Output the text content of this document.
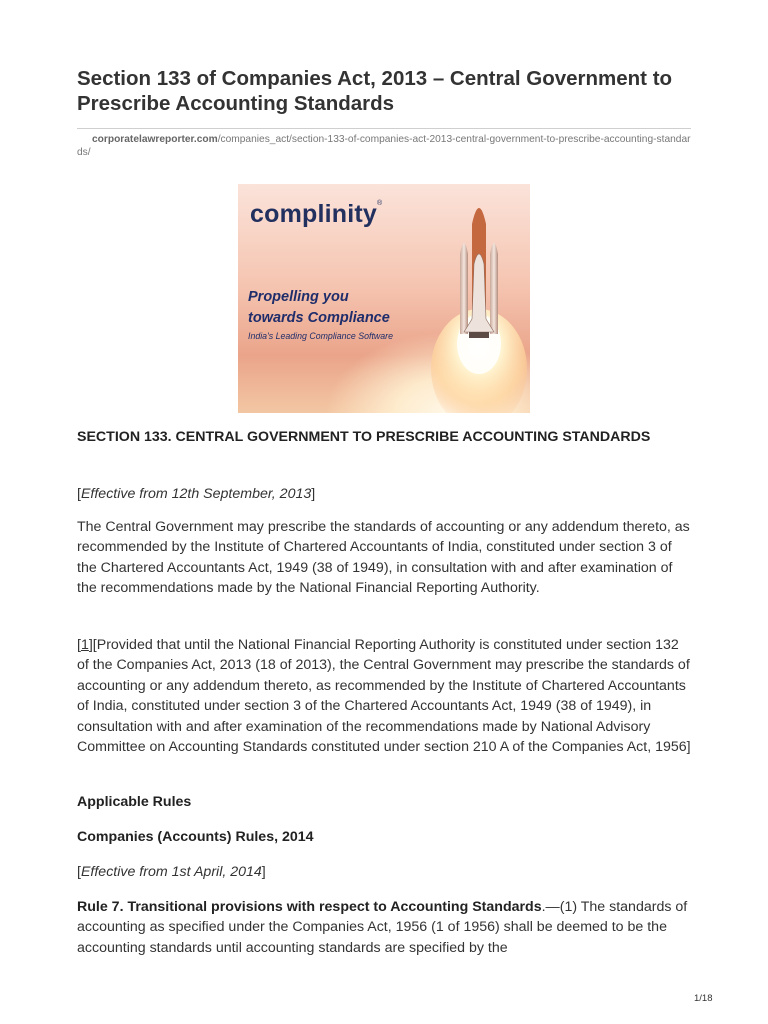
Section 133 of Companies Act, 2013 – Central Government to Prescribe Accounting Standards
corporatelawreporter.com/companies_act/section-133-of-companies-act-2013-central-government-to-prescribe-accounting-standards/
complinity®
Propelling you
towards Compliance
India's Leading Compliance Software

SECTION 133. CENTRAL GOVERNMENT TO PRESCRIBE ACCOUNTING STANDARDS

[Effective from 12th September, 2013]

The Central Government may prescribe the standards of accounting or any addendum thereto, as recommended by the Institute of Chartered Accountants of India, constituted under section 3 of the Chartered Accountants Act, 1949 (38 of 1949), in consultation with and after examination of the recommendations made by the National Financial Reporting Authority.

[1][Provided that until the National Financial Reporting Authority is constituted under section 132 of the Companies Act, 2013 (18 of 2013), the Central Government may prescribe the standards of accounting or any addendum thereto, as recommended by the Institute of Chartered Accountants of India, constituted under section 3 of the Chartered Accountants Act, 1949 (38 of 1949), in consultation with and after examination of the recommendations made by National Advisory Committee on Accounting Standards constituted under section 210 A of the Companies Act, 1956]

Applicable Rules

Companies (Accounts) Rules, 2014

[Effective from 1st April, 2014]

Rule 7. Transitional provisions with respect to Accounting Standards.—(1) The standards of accounting as specified under the Companies Act, 1956 (1 of 1956) shall be deemed to be the accounting standards until accounting standards are specified by the

1/18
